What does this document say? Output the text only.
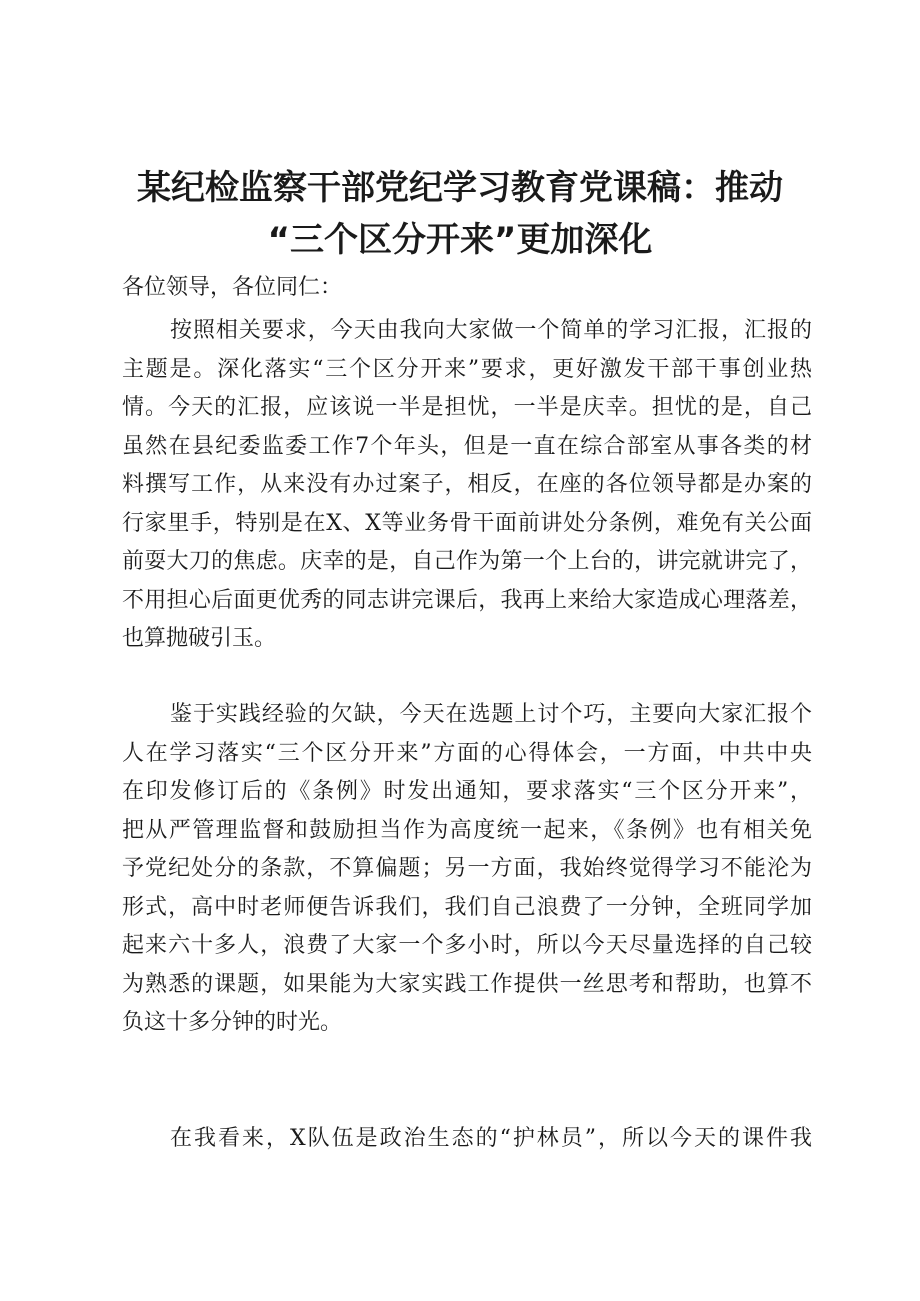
某纪检监察干部党纪学习教育党课稿：推动
“三个区分开来”更加深化
各位领导，各位同仁：
按照相关要求，今天由我向大家做一个简单的学习汇报，汇报的
主题是。深化落实“三个区分开来”要求，更好激发干部干事创业热
情。今天的汇报，应该说一半是担忧，一半是庆幸。担忧的是，自己
虽然在县纪委监委工作7个年头，但是一直在综合部室从事各类的材
料撰写工作，从来没有办过案子，相反，在座的各位领导都是办案的
行家里手，特别是在X、X等业务骨干面前讲处分条例，难免有关公面
前耍大刀的焦虑。庆幸的是，自己作为第一个上台的，讲完就讲完了，
不用担心后面更优秀的同志讲完课后，我再上来给大家造成心理落差，
也算抛破引玉。
鉴于实践经验的欠缺，今天在选题上讨个巧，主要向大家汇报个
人在学习落实“三个区分开来”方面的心得体会，一方面，中共中央
在印发修订后的《条例》时发出通知，要求落实“三个区分开来”，
把从严管理监督和鼓励担当作为高度统一起来，《条例》也有相关免
予党纪处分的条款，不算偏题；另一方面，我始终觉得学习不能沦为
形式，高中时老师便告诉我们，我们自己浪费了一分钟，全班同学加
起来六十多人，浪费了大家一个多小时，所以今天尽量选择的自己较
为熟悉的课题，如果能为大家实践工作提供一丝思考和帮助，也算不
负这十多分钟的时光。
在我看来，X队伍是政治生态的“护林员”，所以今天的课件我
